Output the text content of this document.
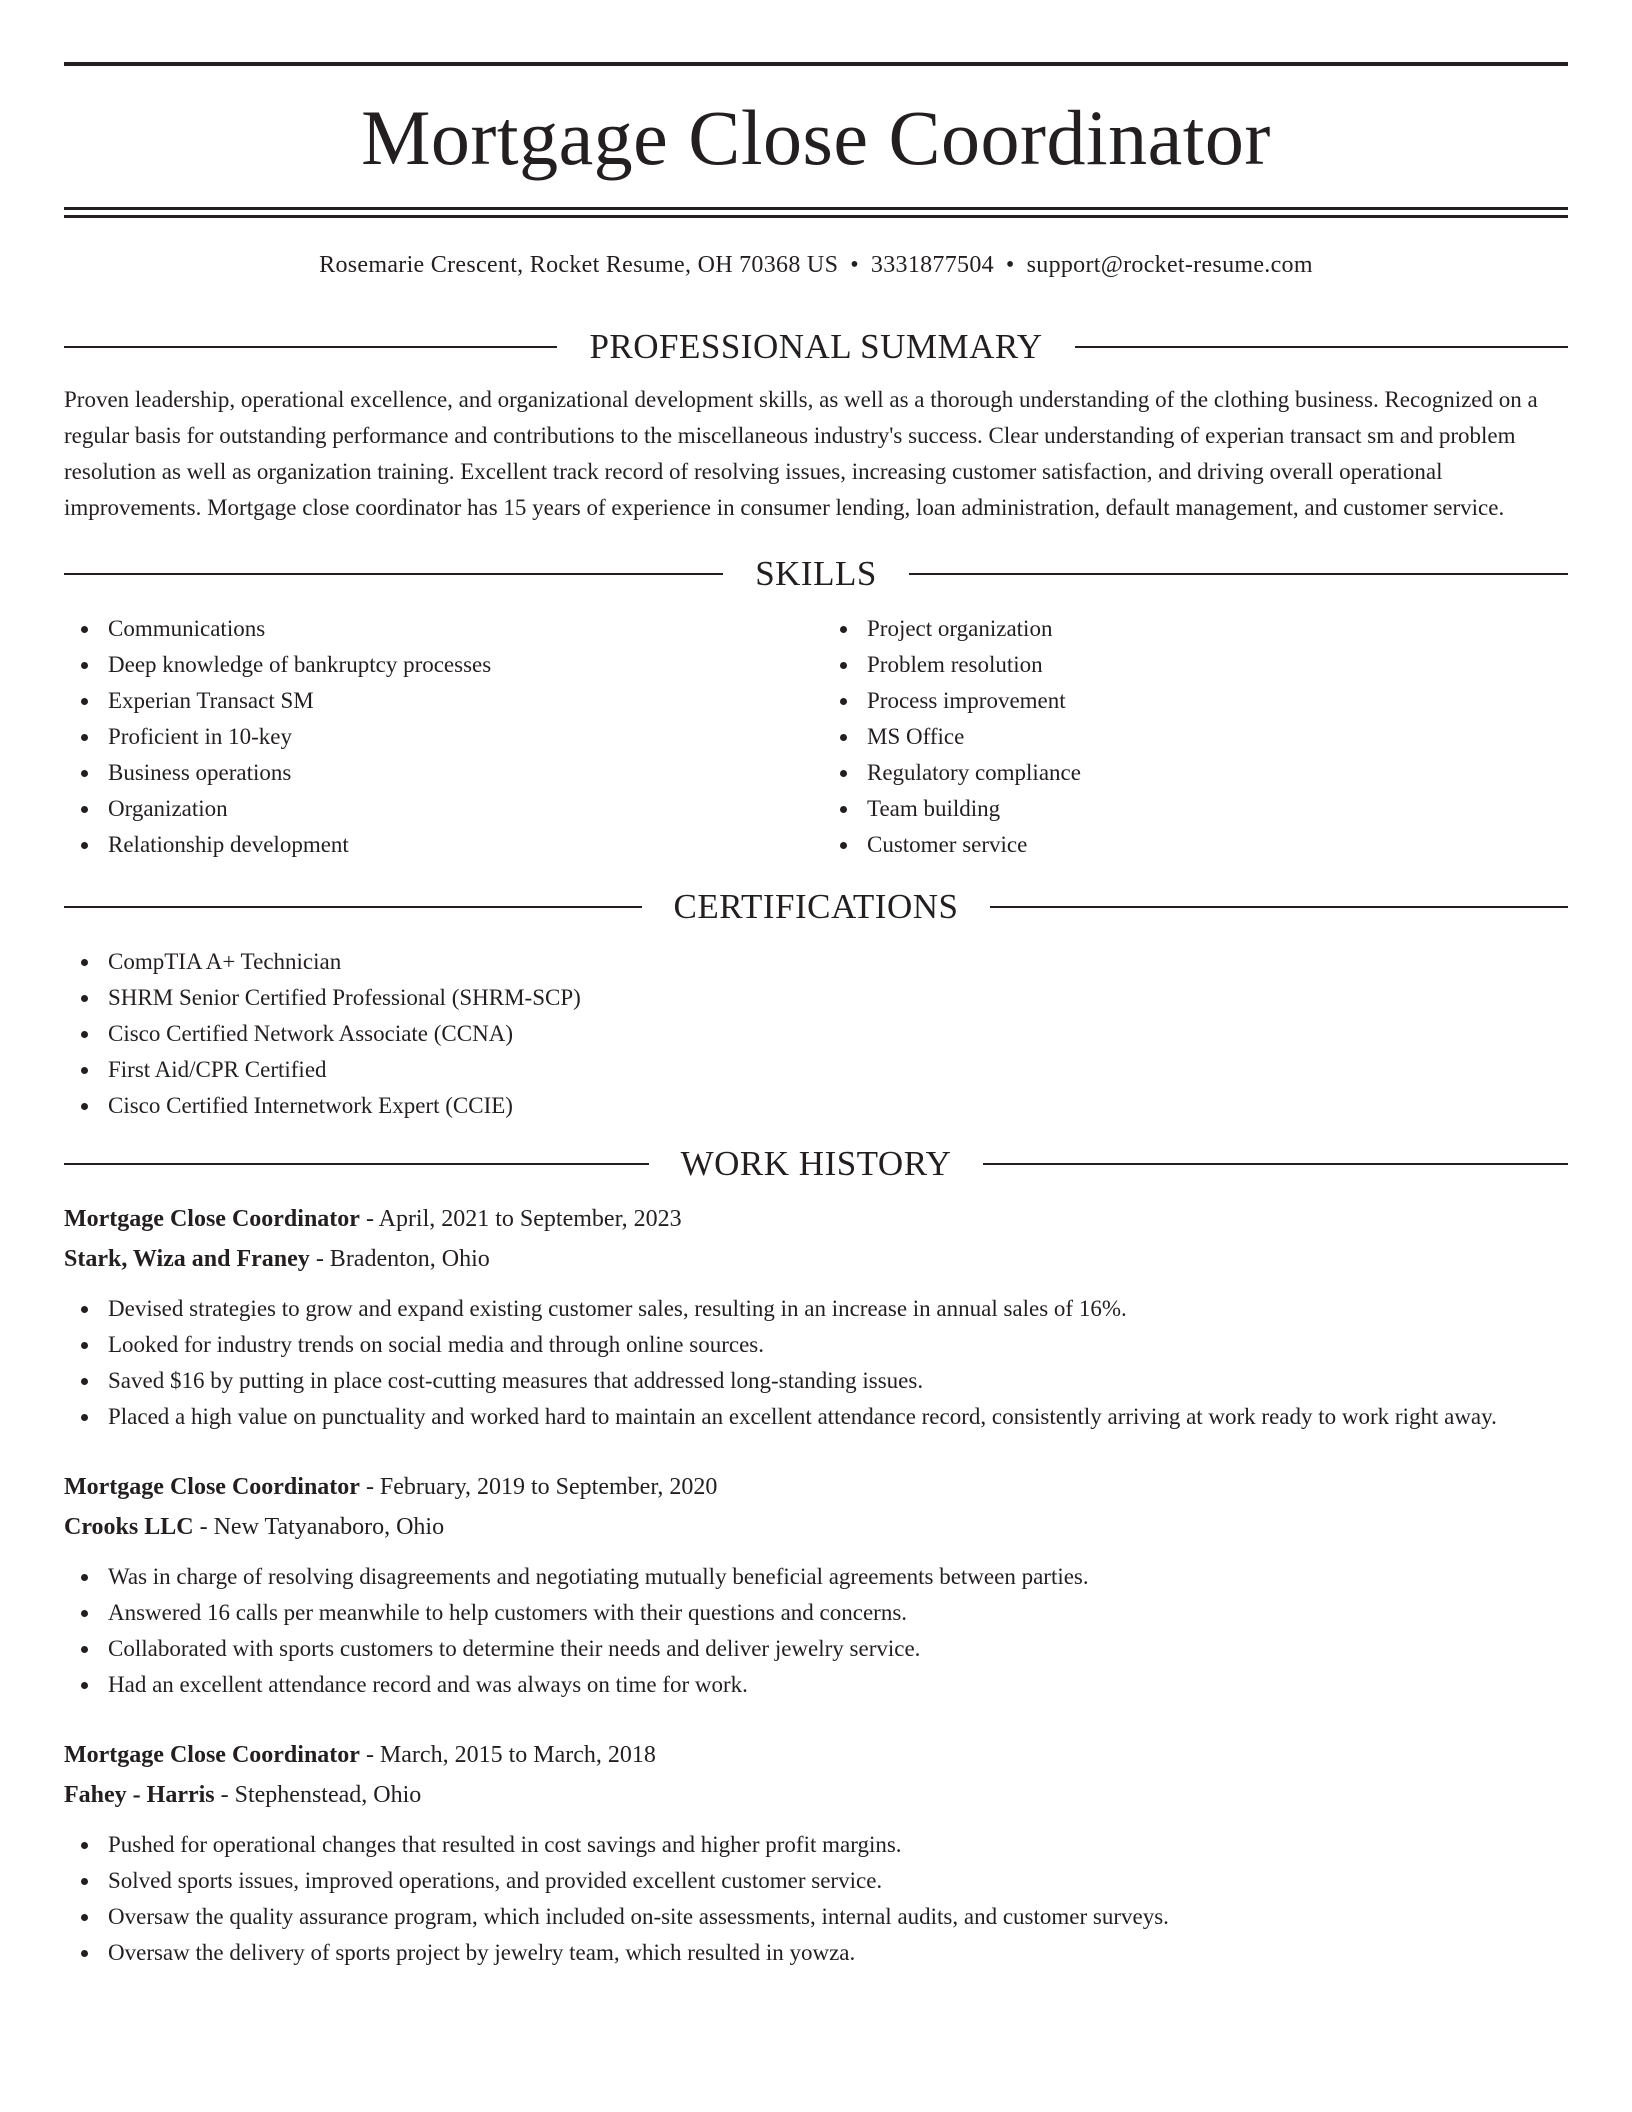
Mortgage Close Coordinator
Rosemarie Crescent, Rocket Resume, OH 70368 US • 3331877504 • support@rocket-resume.com
PROFESSIONAL SUMMARY

Proven leadership, operational excellence, and organizational development skills, as well as a thorough understanding of the clothing business. Recognized on a regular basis for outstanding performance and contributions to the miscellaneous industry's success. Clear understanding of experian transact sm and problem resolution as well as organization training. Excellent track record of resolving issues, increasing customer satisfaction, and driving overall operational improvements. Mortgage close coordinator has 15 years of experience in consumer lending, loan administration, default management, and customer service.

SKILLS
Communications
Deep knowledge of bankruptcy processes
Experian Transact SM
Proficient in 10-key
Business operations
Organization
Relationship development
Project organization
Problem resolution
Process improvement
MS Office
Regulatory compliance
Team building
Customer service
CERTIFICATIONS
CompTIA A+ Technician
SHRM Senior Certified Professional (SHRM-SCP)
Cisco Certified Network Associate (CCNA)
First Aid/CPR Certified
Cisco Certified Internetwork Expert (CCIE)
WORK HISTORY
Mortgage Close Coordinator - April, 2021 to September, 2023
Stark, Wiza and Franey - Bradenton, Ohio
Devised strategies to grow and expand existing customer sales, resulting in an increase in annual sales of 16%.
Looked for industry trends on social media and through online sources.
Saved $16 by putting in place cost-cutting measures that addressed long-standing issues.
Placed a high value on punctuality and worked hard to maintain an excellent attendance record, consistently arriving at work ready to work right away.
Mortgage Close Coordinator - February, 2019 to September, 2020
Crooks LLC - New Tatyanaboro, Ohio
Was in charge of resolving disagreements and negotiating mutually beneficial agreements between parties.
Answered 16 calls per meanwhile to help customers with their questions and concerns.
Collaborated with sports customers to determine their needs and deliver jewelry service.
Had an excellent attendance record and was always on time for work.
Mortgage Close Coordinator - March, 2015 to March, 2018
Fahey - Harris - Stephenstead, Ohio
Pushed for operational changes that resulted in cost savings and higher profit margins.
Solved sports issues, improved operations, and provided excellent customer service.
Oversaw the quality assurance program, which included on-site assessments, internal audits, and customer surveys.
Oversaw the delivery of sports project by jewelry team, which resulted in yowza.
